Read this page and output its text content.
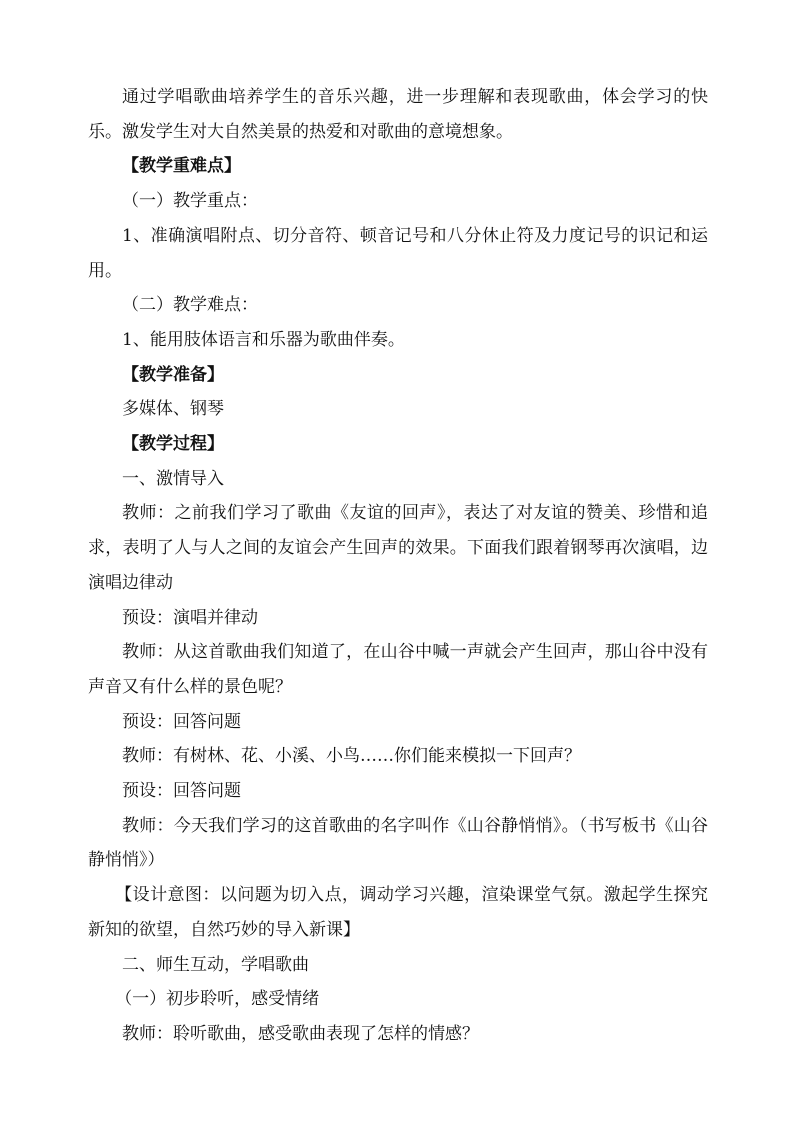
通过学唱歌曲培养学生的音乐兴趣，进一步理解和表现歌曲，体会学习的快乐。激发学生对大自然美景的热爱和对歌曲的意境想象。

【教学重难点】

（一）教学重点：

1、准确演唱附点、切分音符、顿音记号和八分休止符及力度记号的识记和运用。

（二）教学难点：

1、能用肢体语言和乐器为歌曲伴奏。

【教学准备】

多媒体、钢琴

【教学过程】

一、激情导入

教师：之前我们学习了歌曲《友谊的回声》，表达了对友谊的赞美、珍惜和追求，表明了人与人之间的友谊会产生回声的效果。下面我们跟着钢琴再次演唱，边演唱边律动

预设：演唱并律动

教师：从这首歌曲我们知道了，在山谷中喊一声就会产生回声，那山谷中没有声音又有什么样的景色呢？

预设：回答问题

教师：有树林、花、小溪、小鸟……你们能来模拟一下回声？

预设：回答问题

教师：今天我们学习的这首歌曲的名字叫作《山谷静悄悄》。（书写板书《山谷静悄悄》）

【设计意图：以问题为切入点，调动学习兴趣，渲染课堂气氛。激起学生探究新知的欲望，自然巧妙的导入新课】

二、师生互动，学唱歌曲

（一）初步聆听，感受情绪

教师：聆听歌曲，感受歌曲表现了怎样的情感？
